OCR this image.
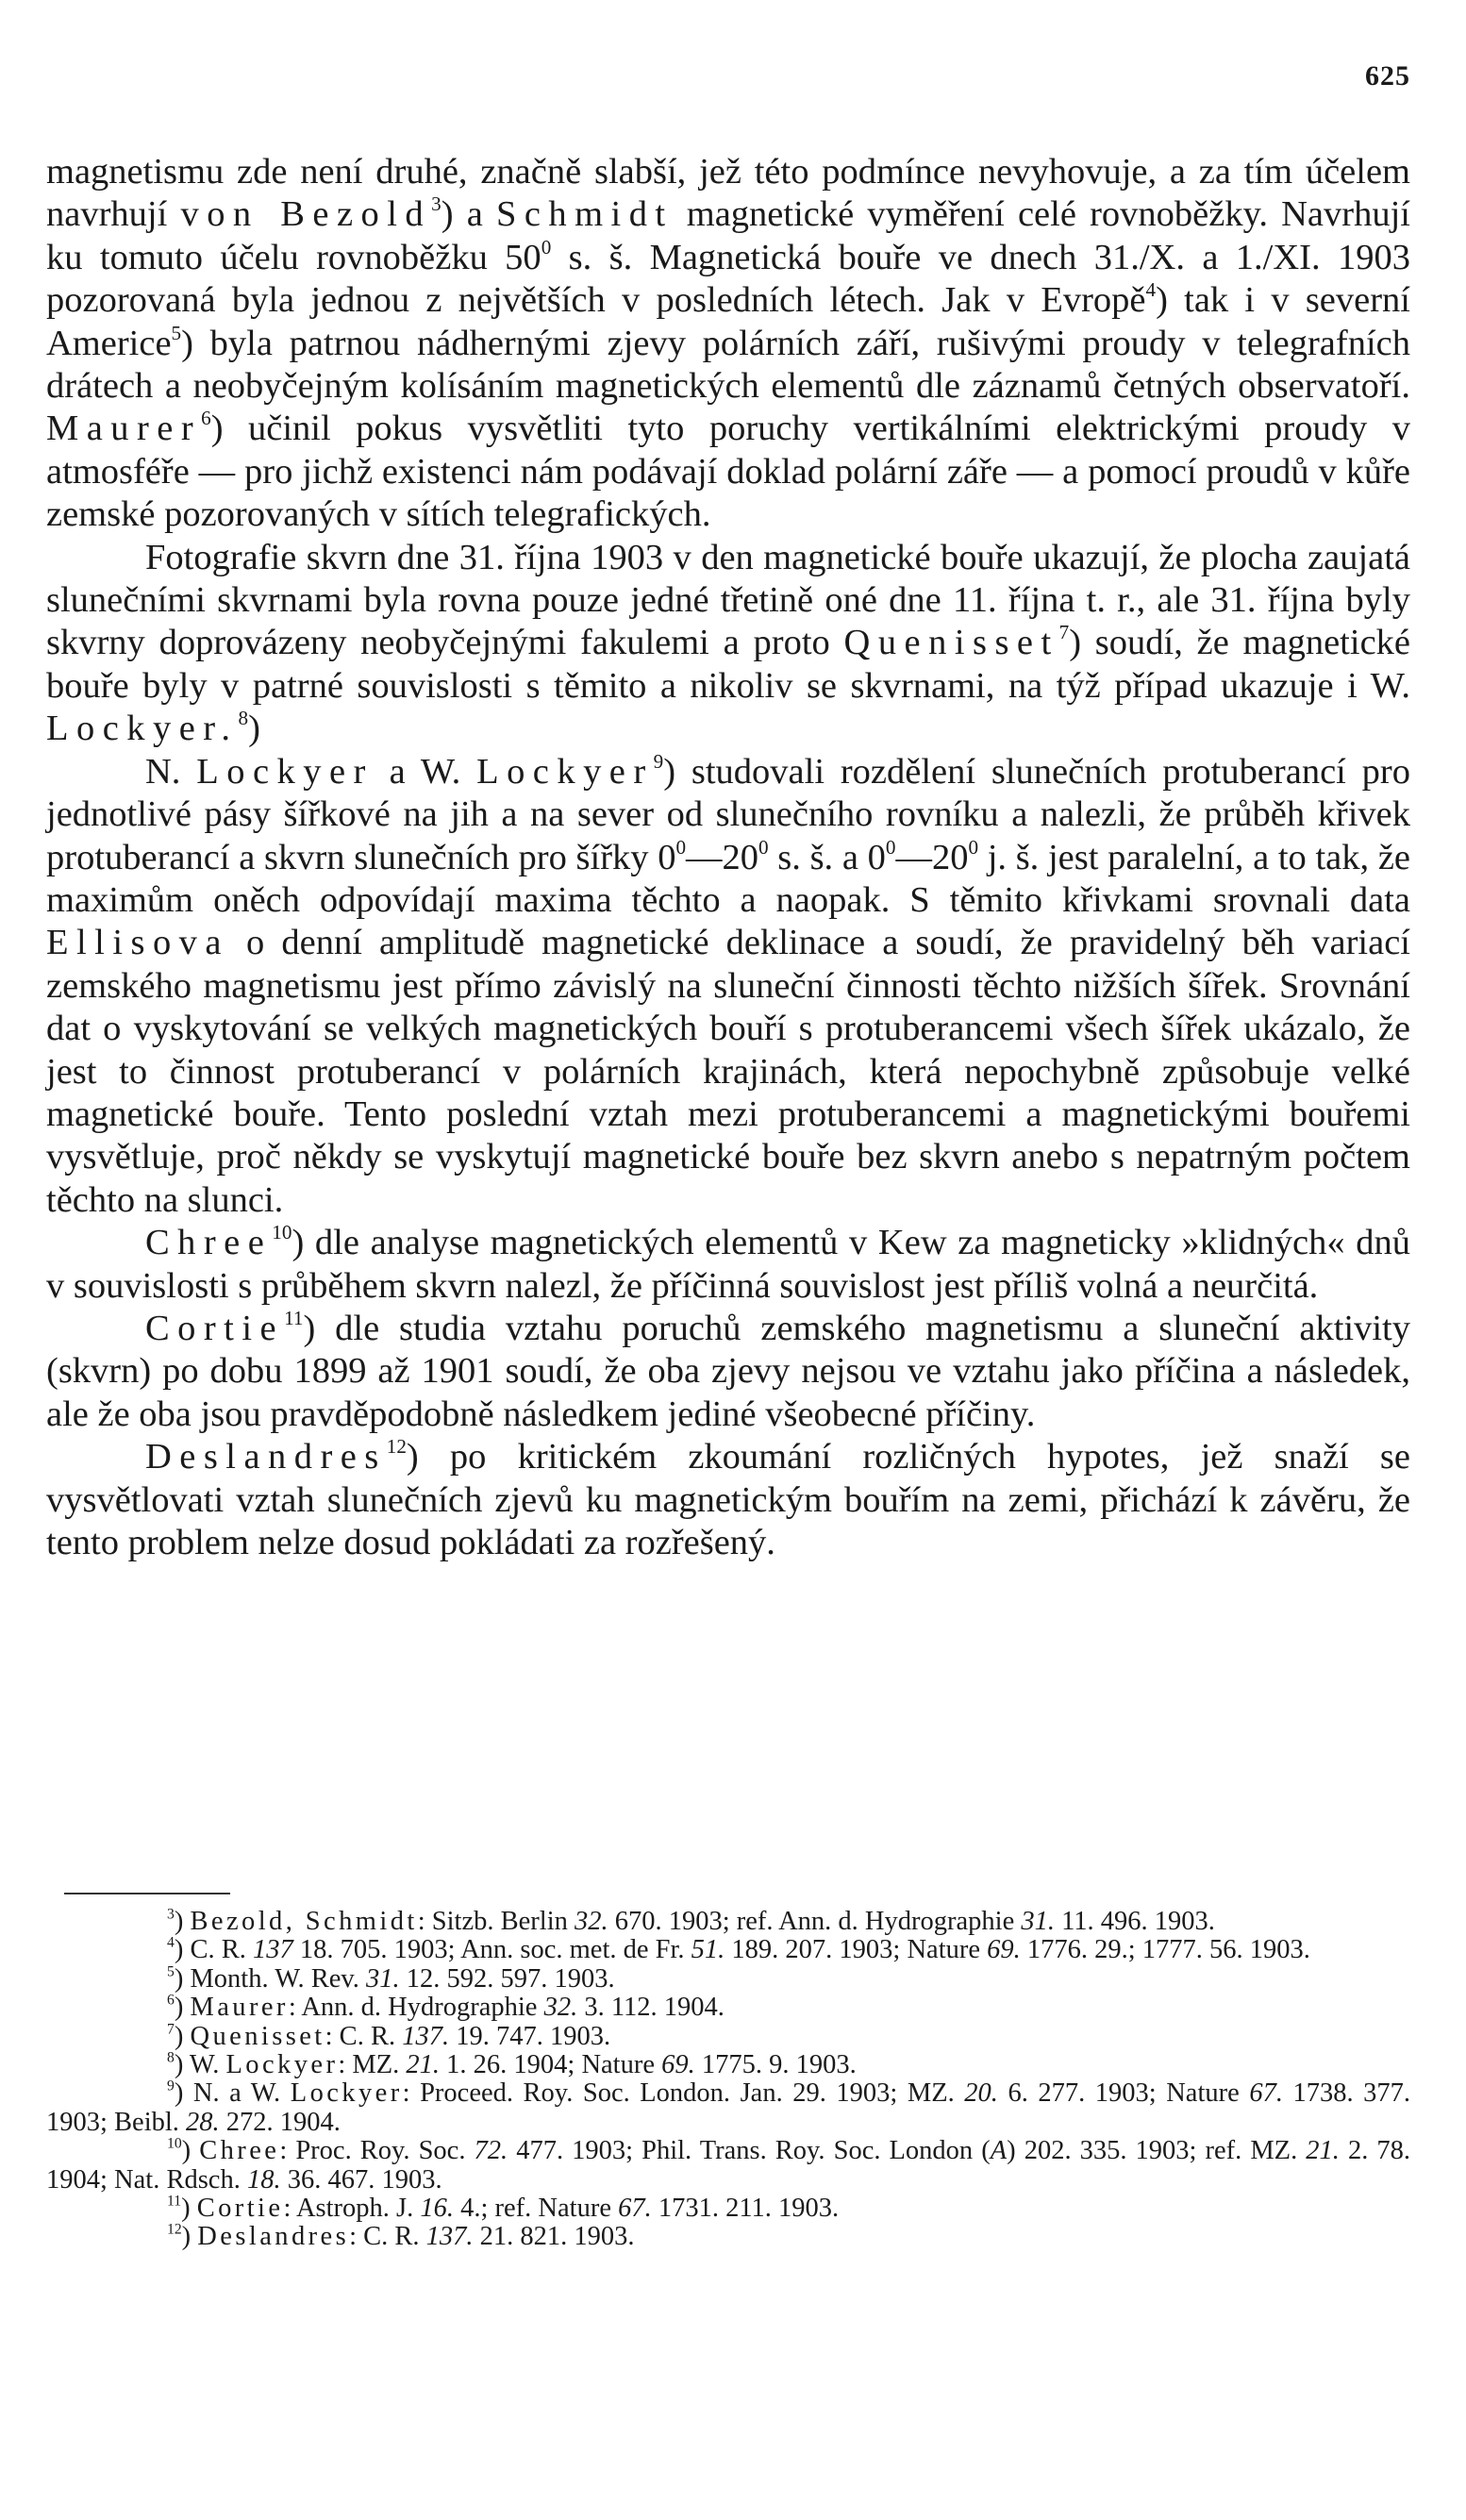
625

magnetismu zde není druhé, značně slabší, jež této podmínce nevyhovuje, a za tím účelem navrhují von Bezold$^3$) a Schmidt magnetické vyměření celé rovnoběžky. Navrhují ku tomuto účelu rovnoběžku $50^0$ s. š. Magnetická bouře ve dnech 31./X. a 1./XI. 1903 pozorovaná byla jednou z největších v posledních létech. Jak v Evropě$^4$) tak i v severní Americe$^5$) byla patrnou nádhernými zjevy polárních září, rušivými proudy v telegrafních drátech a neobyčejným kolísáním magnetických elementů dle záznamů četných observatoří. Maurer$^6$) učinil pokus vysvětliti tyto poruchy vertikálními elektrickými proudy v atmosféře — pro jichž existenci nám podávají doklad polární záře — a pomocí proudů v kůře zemské pozorovaných v sítích telegrafických.

Fotografie skvrn dne 31. října 1903 v den magnetické bouře ukazují, že plocha zaujatá slunečními skvrnami byla rovna pouze jedné třetině oné dne 11. října t. r., ale 31. října byly skvrny doprovázeny neobyčejnými fakulemi a proto Quenisset$^7$) soudí, že magnetické bouře byly v patrné souvislosti s těmito a nikoliv se skvrnami, na týž případ ukazuje i W. Lockyer.$^8$)

N. Lockyer a W. Lockyer$^9$) studovali rozdělení slunečních protuberancí pro jednotlivé pásy šířkové na jih a na sever od slunečního rovníku a nalezli, že průběh křivek protuberancí a skvrn slunečních pro šířky $0^0—20^0$ s. š. a $0^0—20^0$ j. š. jest paralelní, a to tak, že maximům oněch odpovídají maxima těchto a naopak. S těmito křivkami srovnali data Ellisova o denní amplitudě magnetické deklinace a soudí, že pravidelný běh variací zemského magnetismu jest přímo závislý na sluneční činnosti těchto nižších šířek. Srovnání dat o vyskytování se velkých magnetických bouří s protuberancemi všech šířek ukázalo, že jest to činnost protuberancí v polárních krajinách, která nepochybně způsobuje velké magnetické bouře. Tento poslední vztah mezi protuberancemi a magnetickými bouřemi vysvětluje, proč někdy se vyskytují magnetické bouře bez skvrn anebo s nepatrným počtem těchto na slunci.

Chree$^{10}$) dle analyse magnetických elementů v Kew za magneticky »klidných« dnů v souvislosti s průběhem skvrn nalezl, že příčinná souvislost jest příliš volná a neurčitá.

Cortie$^{11}$) dle studia vztahu poruchů zemského magnetismu a sluneční aktivity (skvrn) po dobu 1899 až 1901 soudí, že oba zjevy nejsou ve vztahu jako příčina a následek, ale že oba jsou pravděpodobně následkem jediné všeobecné příčiny.

Deslandres$^{12}$) po kritickém zkoumání rozličných hypotes, jež snaží se vysvětlovati vztah slunečních zjevů ku magnetickým bouřím na zemi, přichází k závěru, že tento problem nelze dosud pokládati za rozřešený.

$^3$) Bezold, Schmidt: Sitzb. Berlin 32. 670. 1903; ref. Ann. d. Hydrographie 31. 11. 496. 1903.

$^4$) C. R. 137 18. 705. 1903; Ann. soc. met. de Fr. 51. 189. 207. 1903; Nature 69. 1776. 29.; 1777. 56. 1903.

$^5$) Month. W. Rev. 31. 12. 592. 597. 1903.

$^6$) Maurer: Ann. d. Hydrographie 32. 3. 112. 1904.

$^7$) Quenisset: C. R. 137. 19. 747. 1903.

$^8$) W. Lockyer: MZ. 21. 1. 26. 1904; Nature 69. 1775. 9. 1903.

$^9$) N. a W. Lockyer: Proceed. Roy. Soc. London. Jan. 29. 1903; MZ. 20. 6. 277. 1903; Nature 67. 1738. 377. 1903; Beibl. 28. 272. 1904.

$^{10}$) Chree: Proc. Roy. Soc. 72. 477. 1903; Phil. Trans. Roy. Soc. London (A) 202. 335. 1903; ref. MZ. 21. 2. 78. 1904; Nat. Rdsch. 18. 36. 467. 1903.

$^{11}$) Cortie: Astroph. J. 16. 4.; ref. Nature 67. 1731. 211. 1903.

$^{12}$) Deslandres: C. R. 137. 21. 821. 1903.
